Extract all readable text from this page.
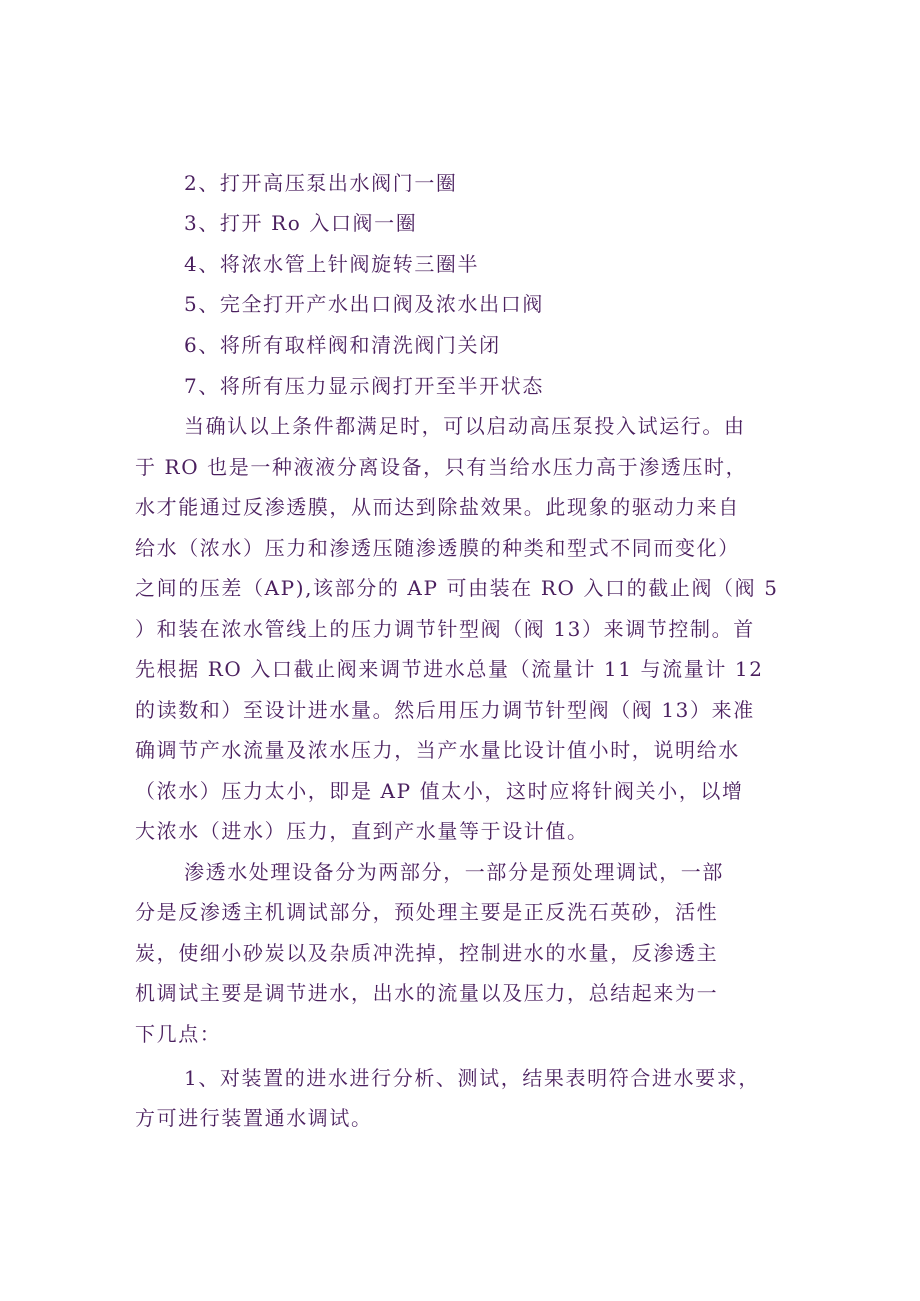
2、打开高压泵出水阀门一圈
3、打开 Ro 入口阀一圈
4、将浓水管上针阀旋转三圈半
5、完全打开产水出口阀及浓水出口阀
6、将所有取样阀和清洗阀门关闭
7、将所有压力显示阀打开至半开状态
当确认以上条件都满足时，可以启动高压泵投入试运行。由
于 RO 也是一种液液分离设备，只有当给水压力高于渗透压时，
水才能通过反渗透膜，从而达到除盐效果。此现象的驱动力来自
给水（浓水）压力和渗透压随渗透膜的种类和型式不同而变化）
之间的压差（AP),该部分的 AP 可由装在 RO 入口的截止阀（阀 5
）和装在浓水管线上的压力调节针型阀（阀 13）来调节控制。首
先根据 RO 入口截止阀来调节进水总量（流量计 11 与流量计 12
的读数和）至设计进水量。然后用压力调节针型阀（阀 13）来准
确调节产水流量及浓水压力，当产水量比设计值小时，说明给水
（浓水）压力太小，即是 AP 值太小，这时应将针阀关小，以增
大浓水（进水）压力，直到产水量等于设计值。
渗透水处理设备分为两部分，一部分是预处理调试，一部
分是反渗透主机调试部分，预处理主要是正反洗石英砂，活性
炭，使细小砂炭以及杂质冲洗掉，控制进水的水量，反渗透主
机调试主要是调节进水，出水的流量以及压力，总结起来为一
下几点：
1、对装置的进水进行分析、测试，结果表明符合进水要求，
方可进行装置通水调试。
